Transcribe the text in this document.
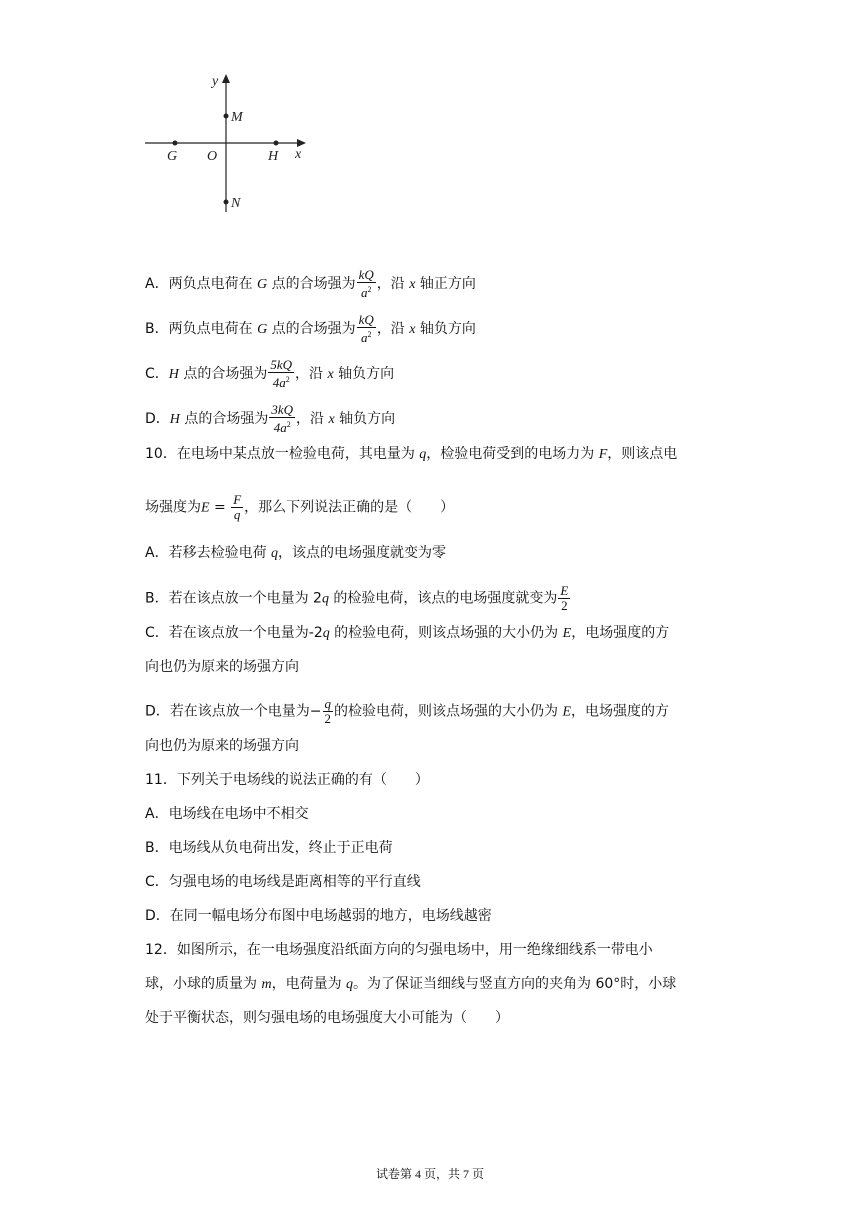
y
M
N
G O	H x
A．两负点电荷在 G 点的合场强为 $\frac{kQ}{a^2}$ ，沿 x 轴正方向
B．两负点电荷在 G 点的合场强为 $\frac{kQ}{a^2}$ ，沿 x 轴负方向
C．H 点的合场强为 $\frac{5kQ}{4a^2}$ ，沿 x 轴负方向
D．H 点的合场强为 $\frac{3kQ}{4a^2}$ ，沿 x 轴负方向
10．在电场中某点放一检验电荷，其电量为 q，检验电荷受到的电场力为 F，则该点电
场强度为$E = \frac{F}{q}$ ，那么下列说法正确的是（　　）
A．若移去检验电荷 q，该点的电场强度就变为零
B．若在该点放一个电量为 2q 的检验电荷，该点的电场强度就变为 $\frac{E}{2}$
C．若在该点放一个电量为-2q 的检验电荷，则该点场强的大小仍为 E，电场强度的方
向也仍为原来的场强方向
D．若在该点放一个电量为− $\frac{q}{2}$ 的检验电荷，则该点场强的大小仍为 E，电场强度的方
向也仍为原来的场强方向
11．下列关于电场线的说法正确的有（　　）
A．电场线在电场中不相交
B．电场线从负电荷出发，终止于正电荷
C．匀强电场的电场线是距离相等的平行直线
D．在同一幅电场分布图中电场越弱的地方，电场线越密
12．如图所示，在一电场强度沿纸面方向的匀强电场中，用一绝缘细线系一带电小
球，小球的质量为 m，电荷量为 q。为了保证当细线与竖直方向的夹角为 60°时，小球
处于平衡状态，则匀强电场的电场强度大小可能为（　　）
试卷第 4 页，共 7 页
